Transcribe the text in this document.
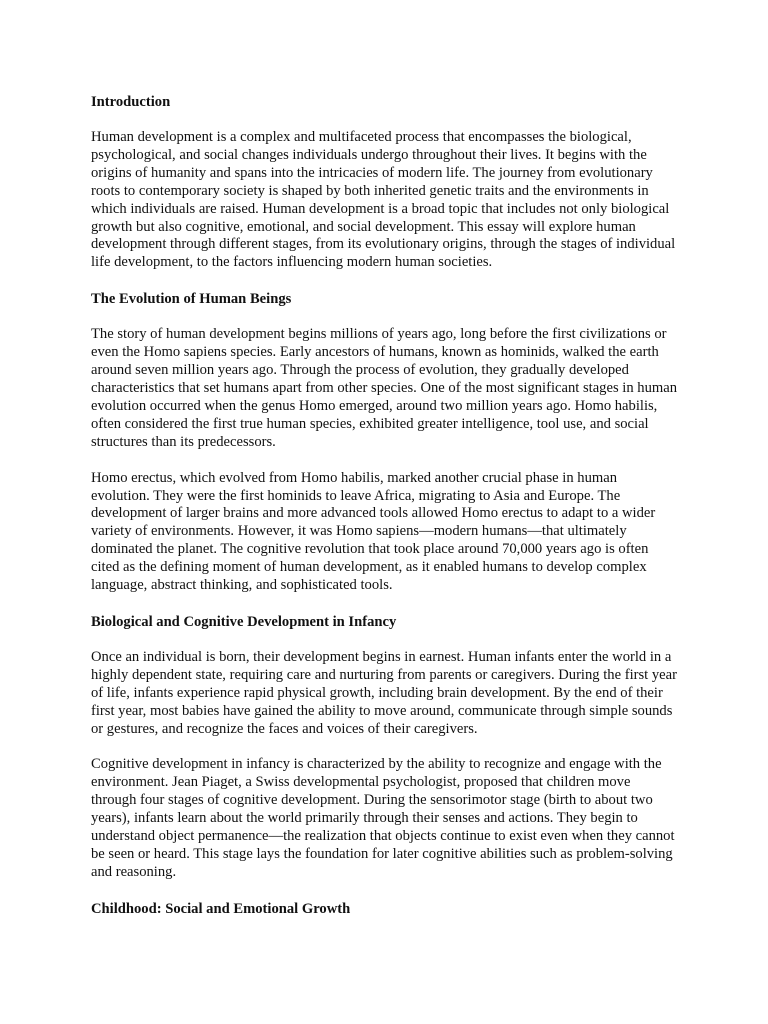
Introduction
Human development is a complex and multifaceted process that encompasses the biological, psychological, and social changes individuals undergo throughout their lives. It begins with the origins of humanity and spans into the intricacies of modern life. The journey from evolutionary roots to contemporary society is shaped by both inherited genetic traits and the environments in which individuals are raised. Human development is a broad topic that includes not only biological growth but also cognitive, emotional, and social development. This essay will explore human development through different stages, from its evolutionary origins, through the stages of individual life development, to the factors influencing modern human societies.
The Evolution of Human Beings
The story of human development begins millions of years ago, long before the first civilizations or even the Homo sapiens species. Early ancestors of humans, known as hominids, walked the earth around seven million years ago. Through the process of evolution, they gradually developed characteristics that set humans apart from other species. One of the most significant stages in human evolution occurred when the genus Homo emerged, around two million years ago. Homo habilis, often considered the first true human species, exhibited greater intelligence, tool use, and social structures than its predecessors.
Homo erectus, which evolved from Homo habilis, marked another crucial phase in human evolution. They were the first hominids to leave Africa, migrating to Asia and Europe. The development of larger brains and more advanced tools allowed Homo erectus to adapt to a wider variety of environments. However, it was Homo sapiens—modern humans—that ultimately dominated the planet. The cognitive revolution that took place around 70,000 years ago is often cited as the defining moment of human development, as it enabled humans to develop complex language, abstract thinking, and sophisticated tools.
Biological and Cognitive Development in Infancy
Once an individual is born, their development begins in earnest. Human infants enter the world in a highly dependent state, requiring care and nurturing from parents or caregivers. During the first year of life, infants experience rapid physical growth, including brain development. By the end of their first year, most babies have gained the ability to move around, communicate through simple sounds or gestures, and recognize the faces and voices of their caregivers.
Cognitive development in infancy is characterized by the ability to recognize and engage with the environment. Jean Piaget, a Swiss developmental psychologist, proposed that children move through four stages of cognitive development. During the sensorimotor stage (birth to about two years), infants learn about the world primarily through their senses and actions. They begin to understand object permanence—the realization that objects continue to exist even when they cannot be seen or heard. This stage lays the foundation for later cognitive abilities such as problem-solving and reasoning.
Childhood: Social and Emotional Growth
